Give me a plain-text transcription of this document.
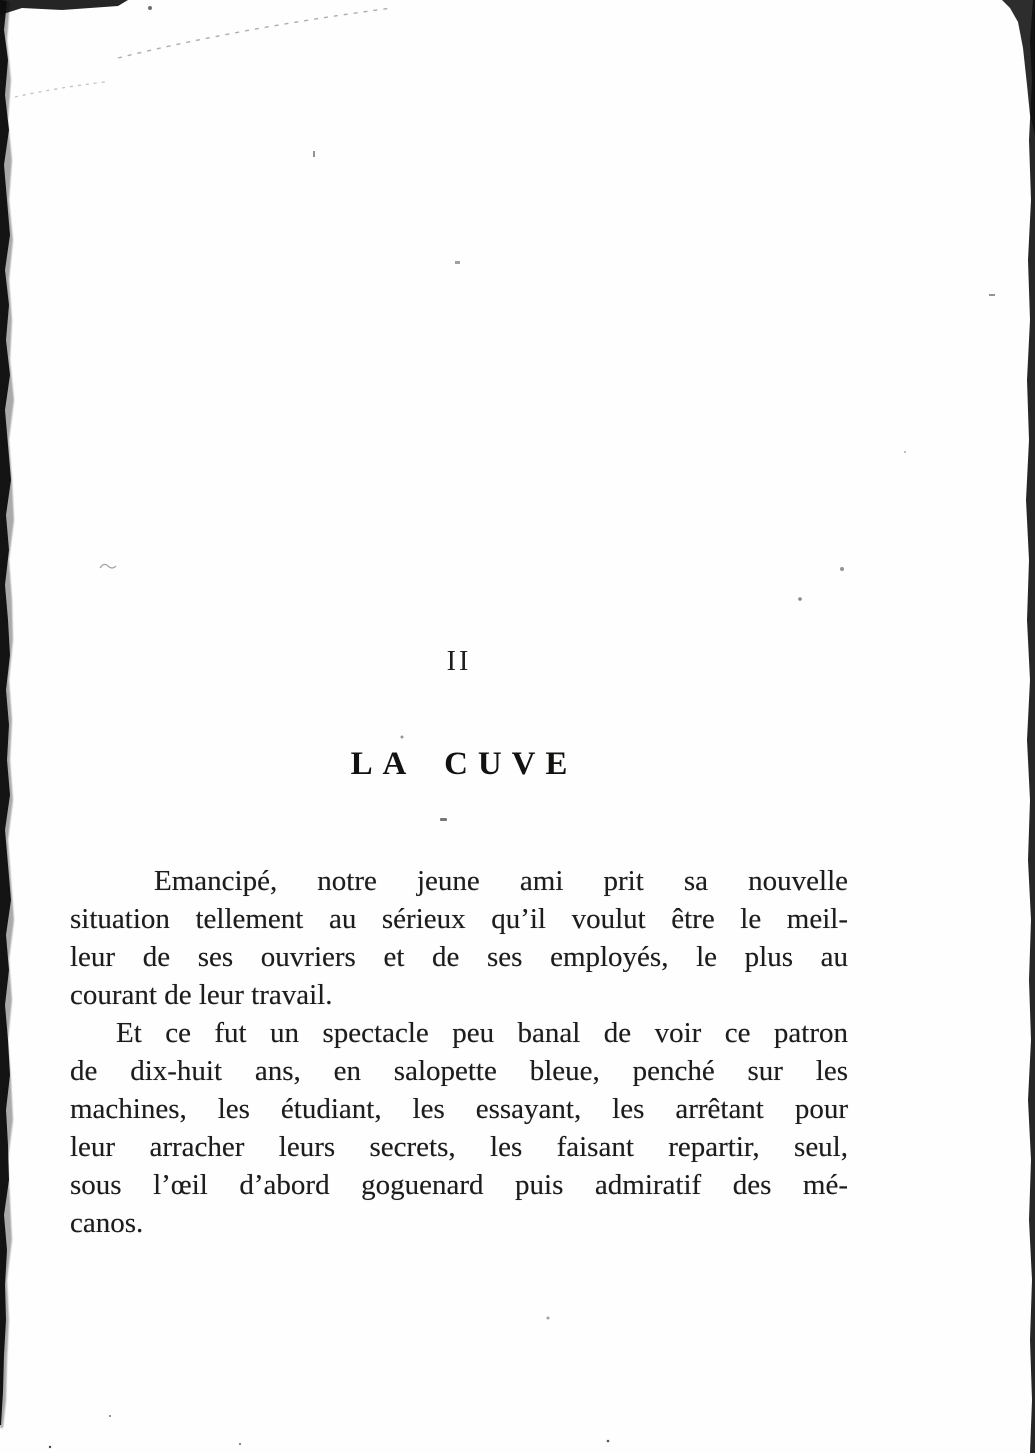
II
LA CUVE
Emancipé, notre jeune ami prit sa nouvelle
situation tellement au sérieux qu’il voulut être le meil-
leur de ses ouvriers et de ses employés, le plus au
courant de leur travail.
Et ce fut un spectacle peu banal de voir ce patron
de dix-huit ans, en salopette bleue, penché sur les
machines, les étudiant, les essayant, les arrêtant pour
leur arracher leurs secrets, les faisant repartir, seul,
sous l’œil d’abord goguenard puis admiratif des mé-
canos.
